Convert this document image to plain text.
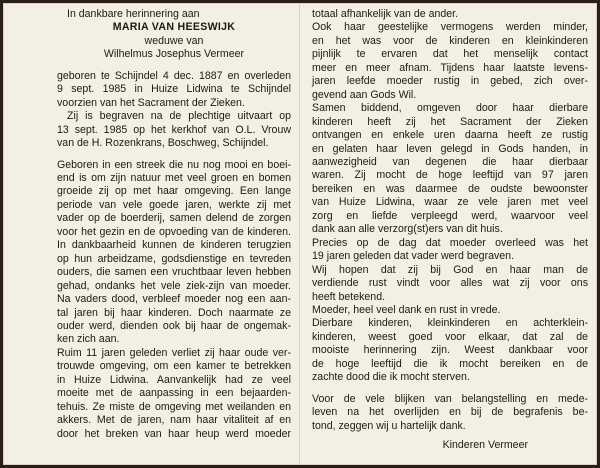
In dankbare herinnering aan
MARIA VAN HEESWIJK
weduwe van
Wilhelmus Josephus Vermeer
geboren te Schijndel 4 dec. 1887 en overleden
9 sept. 1985 in Huize Lidwina te Schijndel
voorzien van het Sacrament der Zieken.
Zij is begraven na de plechtige uitvaart op
13 sept. 1985 op het kerkhof van O.L. Vrouw
van de H. Rozenkrans, Boschweg, Schijndel.
Geboren in een streek die nu nog mooi en boei-
end is om zijn natuur met veel groen en bomen
groeide zij op met haar omgeving. Een lange
periode van vele goede jaren, werkte zij met
vader op de boerderij, samen delend de zorgen
voor het gezin en de opvoeding van de kinderen.
In dankbaarheid kunnen de kinderen terugzien
op hun arbeidzame, godsdienstige en tevreden
ouders, die samen een vruchtbaar leven hebben
gehad, ondanks het vele ziek-zijn van moeder.
Na vaders dood, verbleef moeder nog een aan-
tal jaren bij haar kinderen. Doch naarmate ze
ouder werd, dienden ook bij haar de ongemak-
ken zich aan.
Ruim 11 jaren geleden verliet zij haar oude ver-
trouwde omgeving, om een kamer te betrekken
in Huize Lidwina. Aanvankelijk had ze veel
moeite met de aanpassing in een bejaarden-
tehuis. Ze miste de omgeving met weilanden en
akkers. Met de jaren, nam haar vitaliteit af en
door het breken van haar heup werd moeder
totaal afhankelijk van de ander.
Ook haar geestelijke vermogens werden minder,
en het was voor de kinderen en kleinkinderen
pijnlijk te ervaren dat het menselijk contact
meer en meer afnam. Tijdens haar laatste levens-
jaren leefde moeder rustig in gebed, zich over-
gevend aan Gods Wil.
Samen biddend, omgeven door haar dierbare
kinderen heeft zij het Sacrament der Zieken
ontvangen en enkele uren daarna heeft ze rustig
en gelaten haar leven gelegd in Gods handen, in
aanwezigheid van degenen die haar dierbaar
waren. Zij mocht de hoge leeftijd van 97 jaren
bereiken en was daarmee de oudste bewoonster
van Huize Lidwina, waar ze vele jaren met veel
zorg en liefde verpleegd werd, waarvoor veel
dank aan alle verzorg(st)ers van dit huis.
Precies op de dag dat moeder overleed was het
19 jaren geleden dat vader werd begraven.
Wij hopen dat zij bij God en haar man de
verdiende rust vindt voor alles wat zij voor ons
heeft betekend.
Moeder, heel veel dank en rust in vrede.
Dierbare kinderen, kleinkinderen en achterklein-
kinderen, weest goed voor elkaar, dat zal de
mooiste herinnering zijn. Weest dankbaar voor
de hoge leeftijd die ik mocht bereiken en de
zachte dood die ik mocht sterven.
Voor de vele blijken van belangstelling en mede-
leven na het overlijden en bij de begrafenis be-
tond, zeggen wij u hartelijk dank.
Kinderen Vermeer
